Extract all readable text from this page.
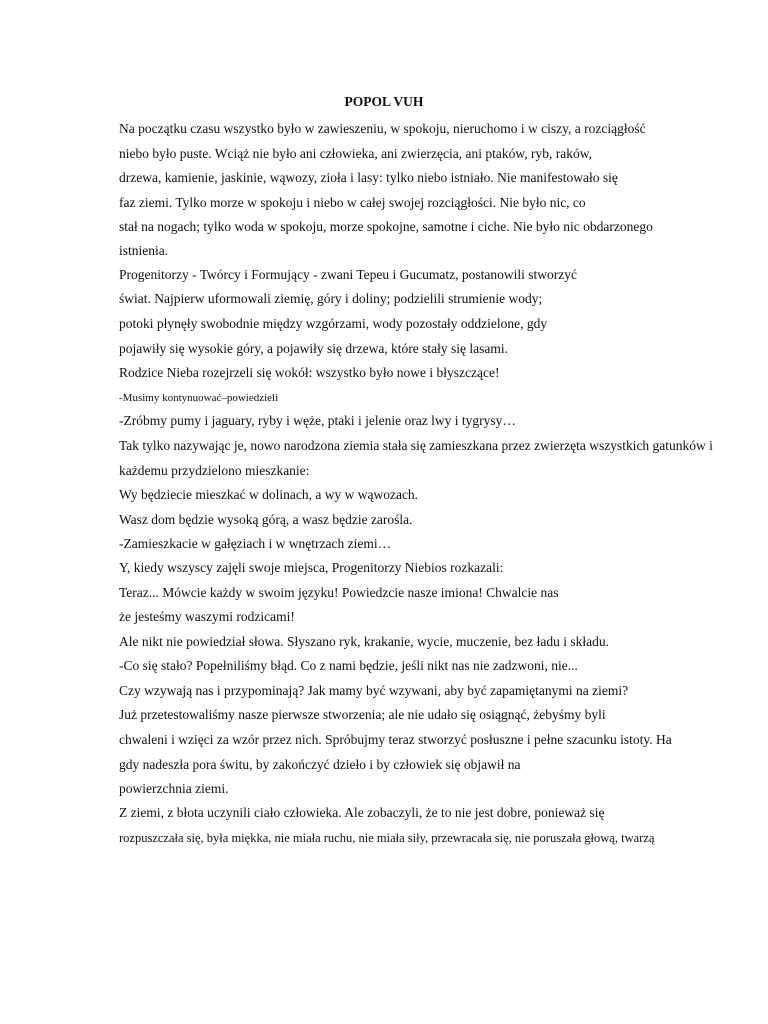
POPOL VUH
Na początku czasu wszystko było w zawieszeniu, w spokoju, nieruchomo i w ciszy, a rozciągłość
niebo było puste. Wciąż nie było ani człowieka, ani zwierzęcia, ani ptaków, ryb, raków,
drzewa, kamienie, jaskinie, wąwozy, zioła i lasy: tylko niebo istniało. Nie manifestowało się
faz ziemi. Tylko morze w spokoju i niebo w całej swojej rozciągłości. Nie było nic, co
stał na nogach; tylko woda w spokoju, morze spokojne, samotne i ciche. Nie było nic obdarzonego
istnienia.
Progenitorzy - Twórcy i Formujący - zwani Tepeu i Gucumatz, postanowili stworzyć
świat. Najpierw uformowali ziemię, góry i doliny; podzielili strumienie wody;
potoki płynęły swobodnie między wzgórzami, wody pozostały oddzielone, gdy
pojawiły się wysokie góry, a pojawiły się drzewa, które stały się lasami.
Rodzice Nieba rozejrzeli się wokół: wszystko było nowe i błyszczące!
-Musimy kontynuować–powiedzieli
-Zróbmy pumy i jaguary, ryby i węże, ptaki i jelenie oraz lwy i tygrysy…
Tak tylko nazywając je, nowo narodzona ziemia stała się zamieszkana przez zwierzęta wszystkich gatunków i
każdemu przydzielono mieszkanie:
Wy będziecie mieszkać w dolinach, a wy w wąwozach.
Wasz dom będzie wysoką górą, a wasz będzie zarośla.
-Zamieszkacie w gałęziach i w wnętrzach ziemi…
Y, kiedy wszyscy zajęli swoje miejsca, Progenitorzy Niebios rozkazali:
Teraz... Mówcie każdy w swoim języku! Powiedzcie nasze imiona! Chwalcie nas
że jesteśmy waszymi rodzicami!
Ale nikt nie powiedział słowa. Słyszano ryk, krakanie, wycie, muczenie, bez ładu i składu.
-Co się stało? Popełniliśmy błąd. Co z nami będzie, jeśli nikt nas nie zadzwoni, nie...
Czy wzywają nas i przypominają? Jak mamy być wzywani, aby być zapamiętanymi na ziemi?
Już przetestowaliśmy nasze pierwsze stworzenia; ale nie udało się osiągnąć, żebyśmy byli
chwaleni i wzięci za wzór przez nich. Spróbujmy teraz stworzyć posłuszne i pełne szacunku istoty. Ha
gdy nadeszła pora świtu, by zakończyć dzieło i by człowiek się objawił na
powierzchnia ziemi.
Z ziemi, z błota uczynili ciało człowieka. Ale zobaczyli, że to nie jest dobre, ponieważ się
rozpuszczała się, była miękka, nie miała ruchu, nie miała siły, przewracała się, nie poruszała głową, twarzą
